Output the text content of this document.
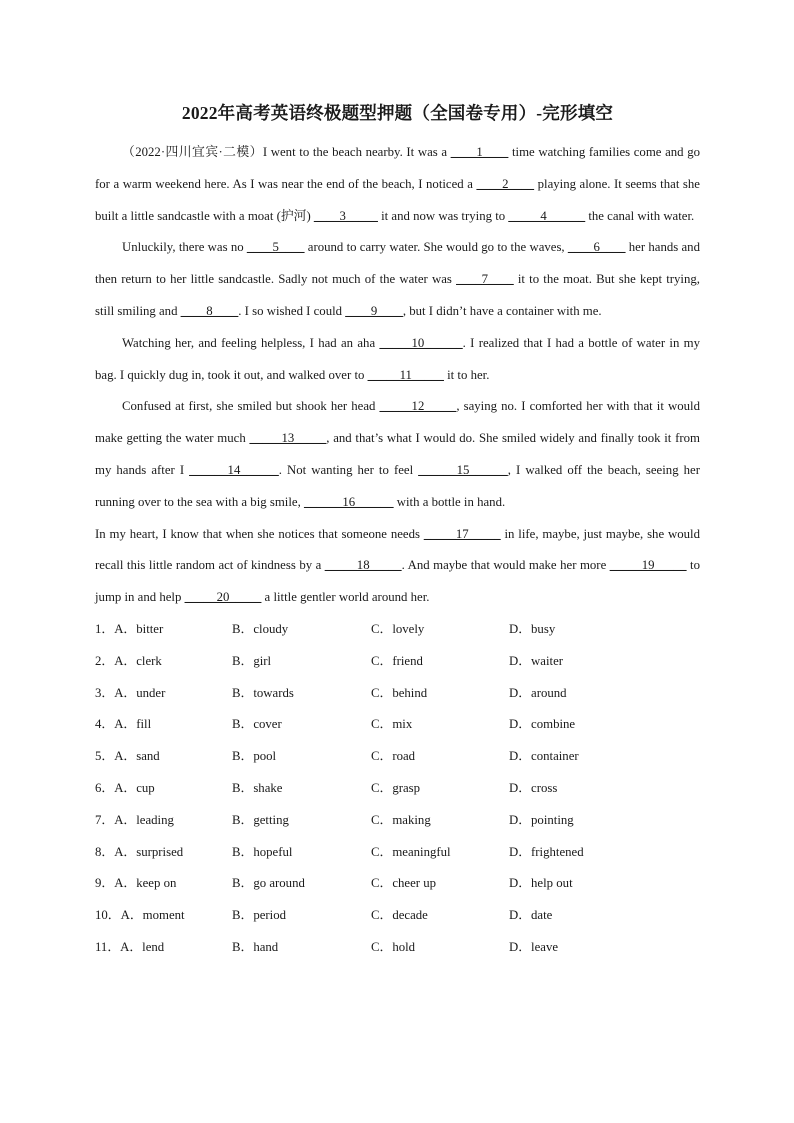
2022年高考英语终极题型押题（全国卷专用）-完形填空

（2022·四川宜宾·二模）I went to the beach nearby. It was a ____1____ time watching families come and go for a warm weekend here. As I was near the end of the beach, I noticed a ____2____ playing alone. It seems that she built a little sandcastle with a moat (护河) ____3_____ it and now was trying to _____4______ the canal with water.

Unluckily, there was no ____5____ around to carry water. She would go to the waves, ____6____ her hands and then return to her little sandcastle. Sadly not much of the water was ____7____ it to the moat. But she kept trying, still smiling and ____8____. I so wished I could ____9____, but I didn’t have a container with me.

Watching her, and feeling helpless, I had an aha _____10______. I realized that I had a bottle of water in my bag. I quickly dug in, took it out, and walked over to _____11_____ it to her.

Confused at first, she smiled but shook her head _____12_____, saying no. I comforted her with that it would make getting the water much _____13_____, and that’s what I would do. She smiled widely and finally took it from my hands after I ______14______. Not wanting her to feel ______15______, I walked off the beach, seeing her running over to the sea with a big smile, ______16______ with a bottle in hand.

In my heart, I know that when she notices that someone needs _____17_____ in life, maybe, just maybe, she would recall this little random act of kindness by a _____18_____. And maybe that would make her more _____19_____ to jump in and help _____20_____ a little gentler world around her.

1．A．bitter	B．cloudy	C．lovely	D．busy
2．A．clerk	B．girl	C．friend	D．waiter
3．A．under	B．towards	C．behind	D．around
4．A．fill	B．cover	C．mix	D．combine
5．A．sand	B．pool	C．road	D．container
6．A．cup	B．shake	C．grasp	D．cross
7．A．leading	B．getting	C．making	D．pointing
8．A．surprised	B．hopeful	C．meaningful	D．frightened
9．A．keep on	B．go around	C．cheer up	D．help out
10．A．moment	B．period	C．decade	D．date
11．A．lend	B．hand	C．hold	D．leave
